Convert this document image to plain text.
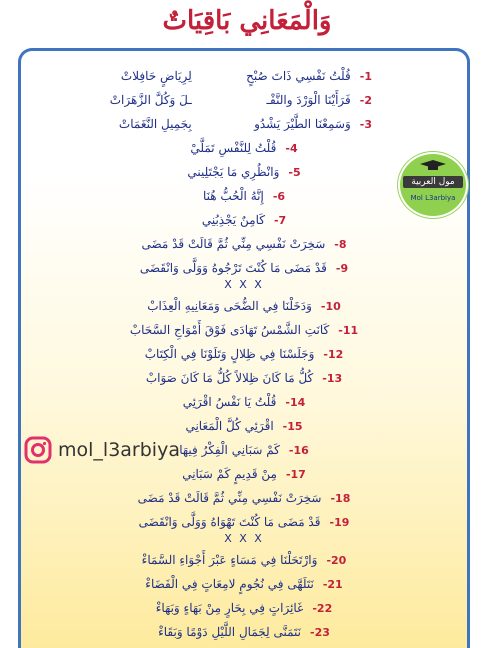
وَالْمَعَانِي بَاقِيَاتٌ
1-
قُلْتُ نَفْسِي ذَاتَ صُبْحٍ
لِرِيَاضٍ حَافِلاتْ
2-
فَرَأَيْنَا الْوَرْدَ والنَّفْـ
ـلَ وَكُلَّ الزَّهَرَاتْ
3-
وَسَمِعْنَا الطَّيْرَ يَشْدُو
بِجَمِيلِ النَّغَمَاتْ
4-
قُلْتُ لِلنَّفْسِ تَمَلَّيْ
5-
وَانْظُرِي مَا يَجْتَلِيني
6-
إِنَّهُ الْحُبُّ هُنَا
7-
كَامِنٌ يَجْذِبُنِي
8-
سَخِرَتْ نَفْسِي مِنِّي ثُمَّ قَالَتْ قَدْ مَضَى
9-
قَدْ مَضَى مَا كُنْتَ تَرْجُوهُ وَوَلَّى وَانْقَضَى
X X X
10-
وَدَخَلْنَا فِي الضُّحَى وَمَعَانِيهِ الْعِذَابْ
11-
كَانَتِ الشَّمْسُ تَهَادَى فَوْقَ أَمْوَاجِ السَّحَابْ
12-
وَجَلَسْنَا فِي ظِلالٍ وَتَلَوْنَا فِي الْكِتَابْ
13-
كُلُّ مَا كَانَ ظِلالاً كُلُّ مَا كَانَ صَوَابْ
14-
قُلْتُ يَا نَفْسُ اقْرَئِي
15-
اقْرَئِي كُلَّ الْمَعَانِي
16-
كَمْ سَبَانِي الْفِكْرُ فِيهَا
17-
مِنْ قَدِيمٍ كَمْ سَبَانِي
18-
سَخِرَتْ نَفْسِي مِنِّي ثُمَّ قَالَتْ قَدْ مَضَى
19-
قَدْ مَضَى مَا كُنْتَ تَهْوَاهُ وَوَلَّى وَانْقَضَى
X X X
20-
وَارْتَحَلْنَا فِي مَسَاءٍ عَبْرَ أَجْوَاءِ السَّمَاءْ
21-
نَتَلَهَّى فِي نُجُومٍ لامِعَاتٍ فِي الْفَضَاءْ
22-
غَائِرَاتٍ فِي بِحَارٍ مِنْ بَهَاءٍ وَبَهَاءْ
23-
نَتَمَنَّى لِجَمَالِ اللَّيْلِ دَوْمًا وَبَقَاءْ
مول العربية
Mol L3arbiya
mol_l3arbiya
